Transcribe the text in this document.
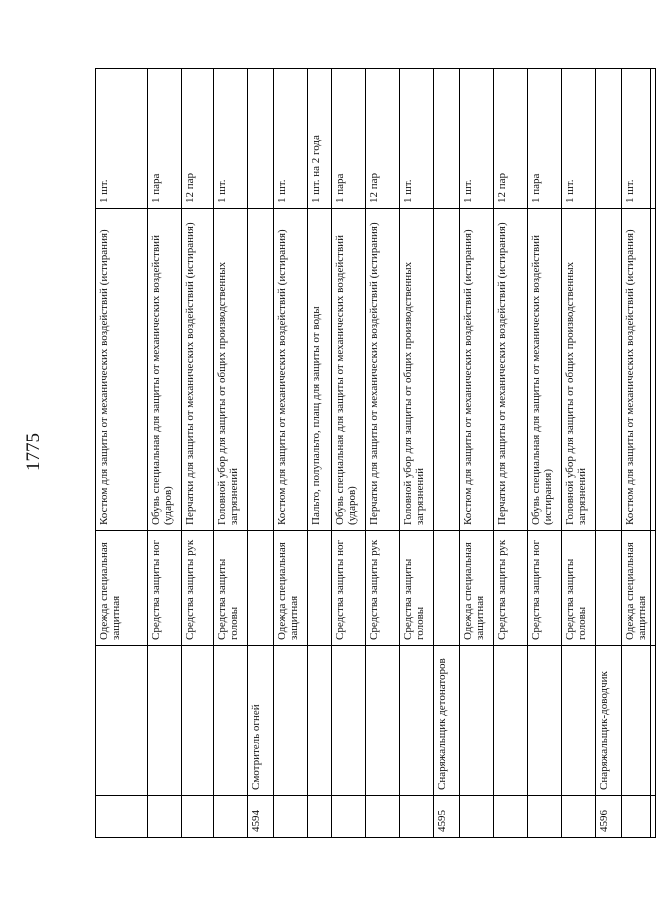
1775
		Одежда специальная защитная	Костюм для защиты от механических воздействий (истирания)	1 шт.
		Средства защиты ног	Обувь специальная для защиты от механических воздействий (ударов)	1 пара
		Средства защиты рук	Перчатки для защиты от механических воздействий (истирания)	12 пар
		Средства защиты головы	Головной убор для защиты от общих производственных загрязнений	1 шт.
4594	Смотритель огней			
		Одежда специальная защитная	Костюм для защиты от механических воздействий (истирания)	1 шт.
			Пальто, полупальто, плащ для защиты от воды	1 шт. на 2 года
		Средства защиты ног	Обувь специальная для защиты от механических воздействий (ударов)	1 пара
		Средства защиты рук	Перчатки для защиты от механических воздействий (истирания)	12 пар
		Средства защиты головы	Головной убор для защиты от общих производственных загрязнений	1 шт.
4595	Снаряжальщик детонаторов			
		Одежда специальная защитная	Костюм для защиты от механических воздействий (истирания)	1 шт.
		Средства защиты рук	Перчатки для защиты от механических воздействий (истирания)	12 пар
		Средства защиты ног	Обувь специальная для защиты от механических воздействий (истирания)	1 пара
		Средства защиты головы	Головной убор для защиты от общих производственных загрязнений	1 шт.
4596	Снаряжальщик-доводчик			
		Одежда специальная защитная	Костюм для защиты от механических воздействий (истирания)	1 шт.
